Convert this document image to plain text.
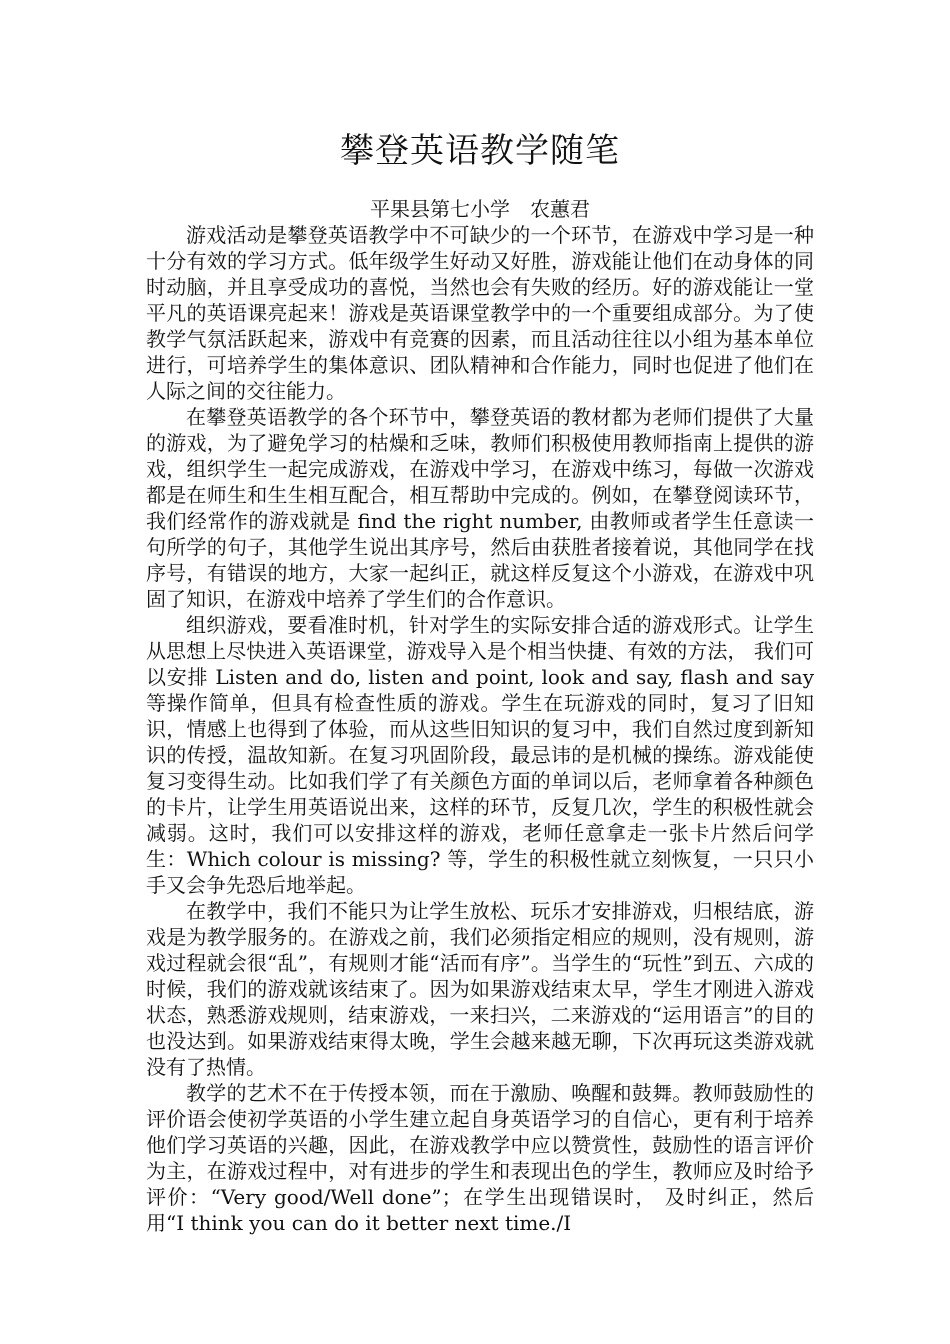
攀登英语教学随笔

平果县第七小学　农蕙君

游戏活动是攀登英语教学中不可缺少的一个环节，在游戏中学习是一种十分有效的学习方式。低年级学生好动又好胜，游戏能让他们在动身体的同时动脑，并且享受成功的喜悦，当然也会有失败的经历。好的游戏能让一堂平凡的英语课亮起来！游戏是英语课堂教学中的一个重要组成部分。为了使教学气氛活跃起来，游戏中有竞赛的因素，而且活动往往以小组为基本单位进行，可培养学生的集体意识、团队精神和合作能力，同时也促进了他们在人际之间的交往能力。

在攀登英语教学的各个环节中，攀登英语的教材都为老师们提供了大量的游戏，为了避免学习的枯燥和乏味，教师们积极使用教师指南上提供的游戏，组织学生一起完成游戏，在游戏中学习，在游戏中练习，每做一次游戏都是在师生和生生相互配合，相互帮助中完成的。例如，在攀登阅读环节，我们经常作的游戏就是 find the right number, 由教师或者学生任意读一句所学的句子，其他学生说出其序号，然后由获胜者接着说，其他同学在找序号，有错误的地方，大家一起纠正，就这样反复这个小游戏，在游戏中巩固了知识，在游戏中培养了学生们的合作意识。

组织游戏，要看准时机，针对学生的实际安排合适的游戏形式。让学生从思想上尽快进入英语课堂，游戏导入是个相当快捷、有效的方法， 我们可以安排 Listen and do, listen and point, look and say, flash and say 等操作简单，但具有检查性质的游戏。学生在玩游戏的同时，复习了旧知识，情感上也得到了体验，而从这些旧知识的复习中，我们自然过度到新知识的传授，温故知新。在复习巩固阶段，最忌讳的是机械的操练。游戏能使复习变得生动。比如我们学了有关颜色方面的单词以后，老师拿着各种颜色的卡片，让学生用英语说出来，这样的环节，反复几次，学生的积极性就会减弱。这时，我们可以安排这样的游戏，老师任意拿走一张卡片然后问学生：Which colour is missing? 等，学生的积极性就立刻恢复，一只只小手又会争先恐后地举起。

在教学中，我们不能只为让学生放松、玩乐才安排游戏，归根结底，游戏是为教学服务的。在游戏之前，我们必须指定相应的规则，没有规则，游戏过程就会很“乱”，有规则才能“活而有序”。当学生的“玩性”到五、六成的时候，我们的游戏就该结束了。因为如果游戏结束太早，学生才刚进入游戏状态，熟悉游戏规则，结束游戏，一来扫兴，二来游戏的“运用语言”的目的也没达到。如果游戏结束得太晚，学生会越来越无聊，下次再玩这类游戏就没有了热情。

教学的艺术不在于传授本领，而在于激励、唤醒和鼓舞。教师鼓励性的评价语会使初学英语的小学生建立起自身英语学习的自信心，更有利于培养他们学习英语的兴趣，因此，在游戏教学中应以赞赏性，鼓励性的语言评价为主，在游戏过程中，对有进步的学生和表现出色的学生，教师应及时给予评价：“Very good/Well done”；在学生出现错误时， 及时纠正，然后用“I think you can do it better next time./I
